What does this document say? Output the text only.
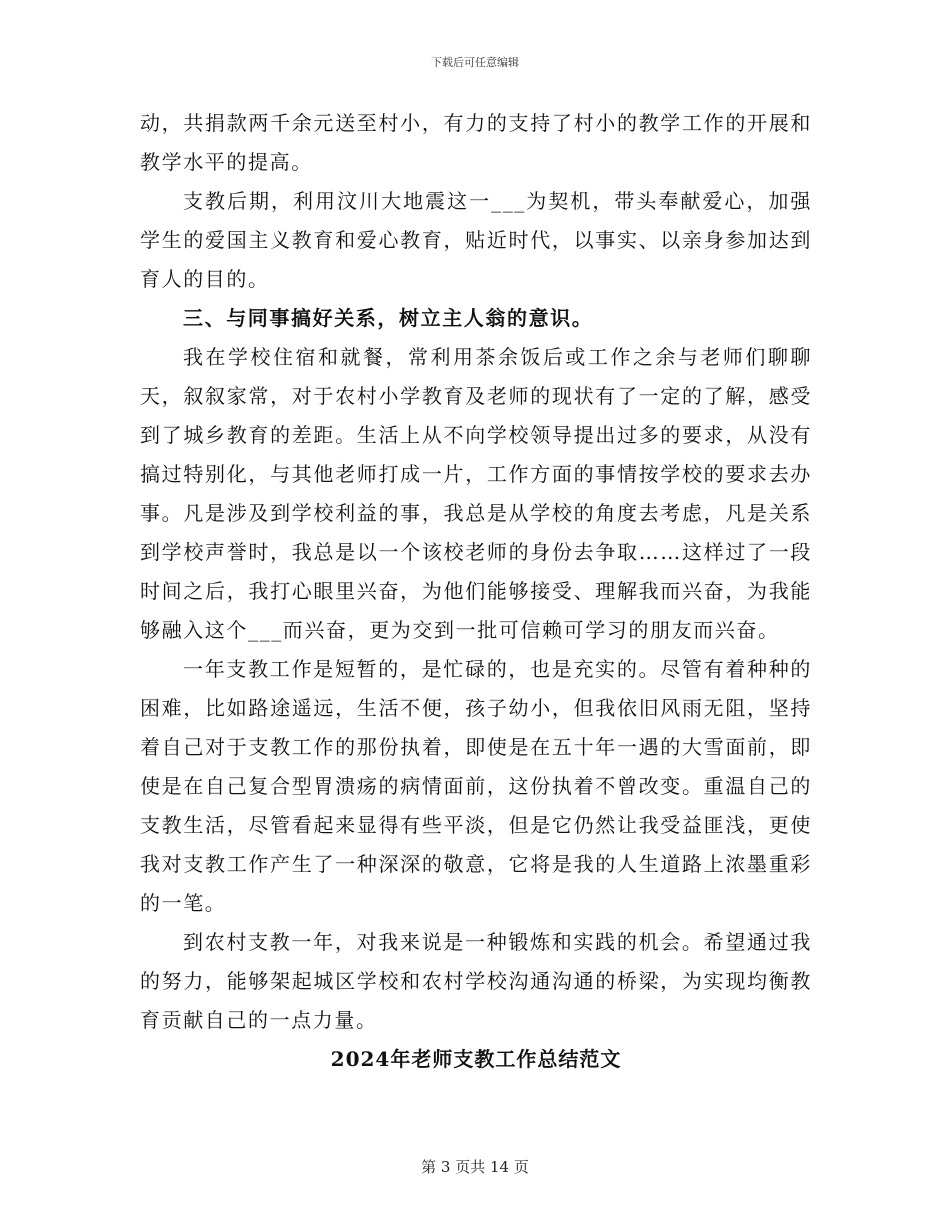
下载后可任意编辑

动，共捐款两千余元送至村小，有力的支持了村小的教学工作的开展和教学水平的提高。

支教后期，利用汶川大地震这一___为契机，带头奉献爱心，加强学生的爱国主义教育和爱心教育，贴近时代，以事实、以亲身参加达到育人的目的。

三、与同事搞好关系，树立主人翁的意识。

我在学校住宿和就餐，常利用茶余饭后或工作之余与老师们聊聊天，叙叙家常，对于农村小学教育及老师的现状有了一定的了解，感受到了城乡教育的差距。生活上从不向学校领导提出过多的要求，从没有搞过特别化，与其他老师打成一片，工作方面的事情按学校的要求去办事。凡是涉及到学校利益的事，我总是从学校的角度去考虑，凡是关系到学校声誉时，我总是以一个该校老师的身份去争取……这样过了一段时间之后，我打心眼里兴奋，为他们能够接受、理解我而兴奋，为我能够融入这个___而兴奋，更为交到一批可信赖可学习的朋友而兴奋。

一年支教工作是短暂的，是忙碌的，也是充实的。尽管有着种种的困难，比如路途遥远，生活不便，孩子幼小，但我依旧风雨无阻，坚持着自己对于支教工作的那份执着，即使是在五十年一遇的大雪面前，即使是在自己复合型胃溃疡的病情面前，这份执着不曾改变。重温自己的支教生活，尽管看起来显得有些平淡，但是它仍然让我受益匪浅，更使我对支教工作产生了一种深深的敬意，它将是我的人生道路上浓墨重彩的一笔。

到农村支教一年，对我来说是一种锻炼和实践的机会。希望通过我的努力，能够架起城区学校和农村学校沟通沟通的桥梁，为实现均衡教育贡献自己的一点力量。

2024年老师支教工作总结范文

第 3 页共 14 页
